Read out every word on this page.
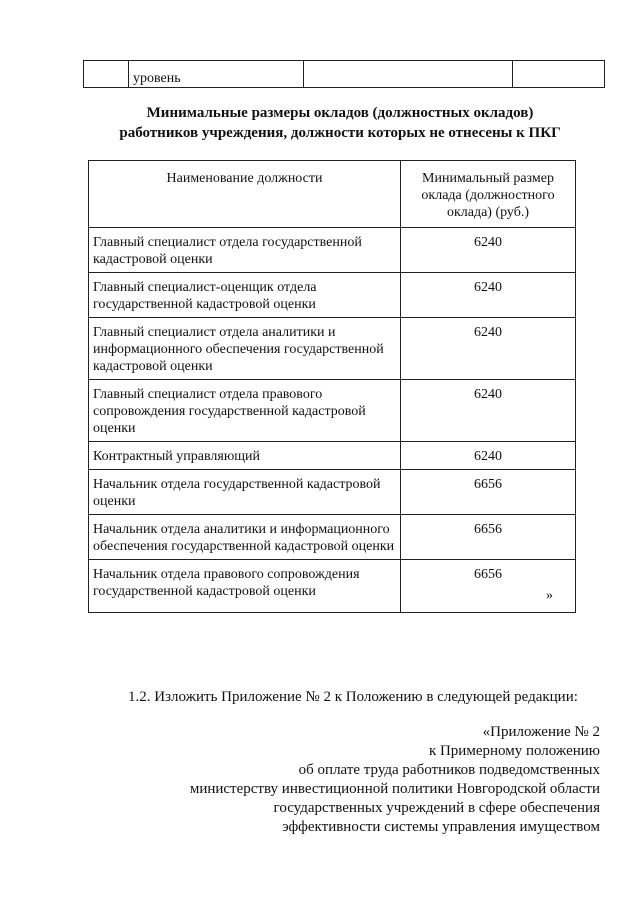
	уровень		
Минимальные размеры окладов (должностных окладов)
работников учреждения, должности которых не отнесены к ПКГ
Наименование должности	Минимальный размер оклада (должностного оклада) (руб.)
Главный специалист отдела государственной кадастровой оценки	6240
Главный специалист-оценщик отдела государственной кадастровой оценки	6240
Главный специалист отдела аналитики и информационного обеспечения государственной кадастровой оценки	6240
Главный специалист отдела правового сопровождения государственной кадастровой оценки	6240
Контрактный управляющий	6240
Начальник отдела государственной кадастровой оценки	6656
Начальник отдела аналитики и информационного обеспечения государственной кадастровой оценки	6656
Начальник отдела правового сопровождения государственной кадастровой оценки	6656
»
1.2. Изложить Приложение № 2 к Положению в следующей редакции:
«Приложение № 2
к Примерному положению
об оплате труда работников подведомственных
министерству инвестиционной политики Новгородской области
государственных учреждений в сфере обеспечения
эффективности системы управления имуществом
